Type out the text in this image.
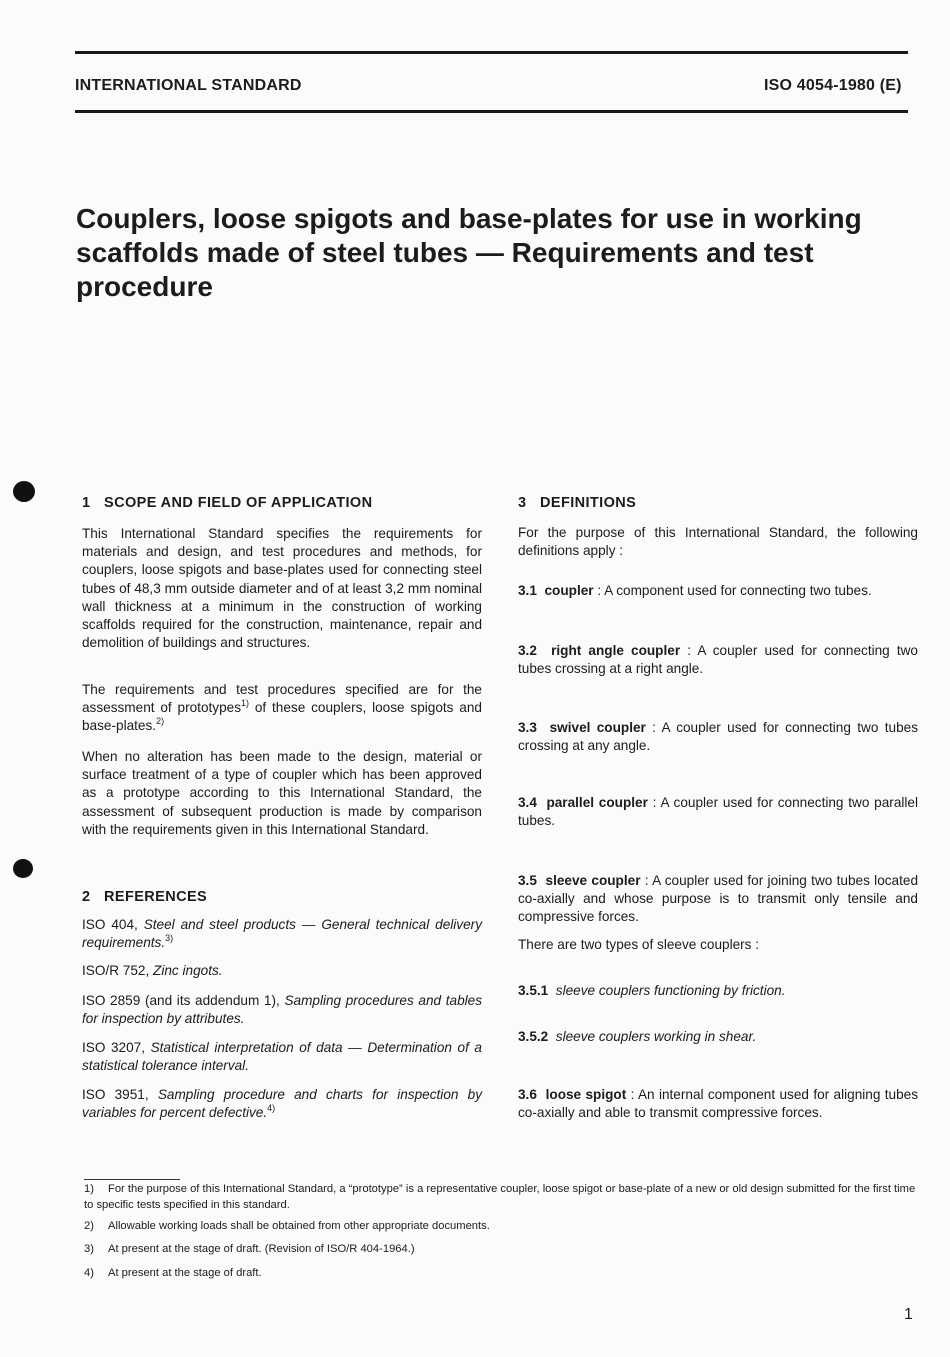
INTERNATIONAL STANDARD	ISO 4054-1980 (E)
Couplers, loose spigots and base-plates for use in working scaffolds made of steel tubes — Requirements and test procedure
1 SCOPE AND FIELD OF APPLICATION

This International Standard specifies the requirements for materials and design, and test procedures and methods, for couplers, loose spigots and base-plates used for connecting steel tubes of 48,3 mm outside diameter and of at least 3,2 mm nominal wall thickness at a minimum in the construction of working scaffolds required for the construction, maintenance, repair and demolition of buildings and structures.

The requirements and test procedures specified are for the assessment of prototypes$^{1)}$ of these couplers, loose spigots and base-plates.$^{2)}$

When no alteration has been made to the design, material or surface treatment of a type of coupler which has been approved as a prototype according to this International Standard, the assessment of subsequent production is made by comparison with the requirements given in this International Standard.

2 REFERENCES

ISO 404, Steel and steel products — General technical delivery requirements.$^{3)}$

ISO/R 752, Zinc ingots.

ISO 2859 (and its addendum 1), Sampling procedures and tables for inspection by attributes.

ISO 3207, Statistical interpretation of data — Determination of a statistical tolerance interval.

ISO 3951, Sampling procedure and charts for inspection by variables for percent defective.$^{4)}$

3 DEFINITIONS

For the purpose of this International Standard, the following definitions apply :

3.1 coupler : A component used for connecting two tubes.

3.2 right angle coupler : A coupler used for connecting two tubes crossing at a right angle.

3.3 swivel coupler : A coupler used for connecting two tubes crossing at any angle.

3.4 parallel coupler : A coupler used for connecting two parallel tubes.

3.5 sleeve coupler : A coupler used for joining two tubes located co-axially and whose purpose is to transmit only tensile and compressive forces.

There are two types of sleeve couplers :

3.5.1 sleeve couplers functioning by friction.

3.5.2 sleeve couplers working in shear.

3.6 loose spigot : An internal component used for aligning tubes co-axially and able to transmit compressive forces.

1) For the purpose of this International Standard, a “prototype” is a representative coupler, loose spigot or base-plate of a new or old design submitted for the first time to specific tests specified in this standard.
2) Allowable working loads shall be obtained from other appropriate documents.
3) At present at the stage of draft. (Revision of ISO/R 404-1964.)
4) At present at the stage of draft.
1
